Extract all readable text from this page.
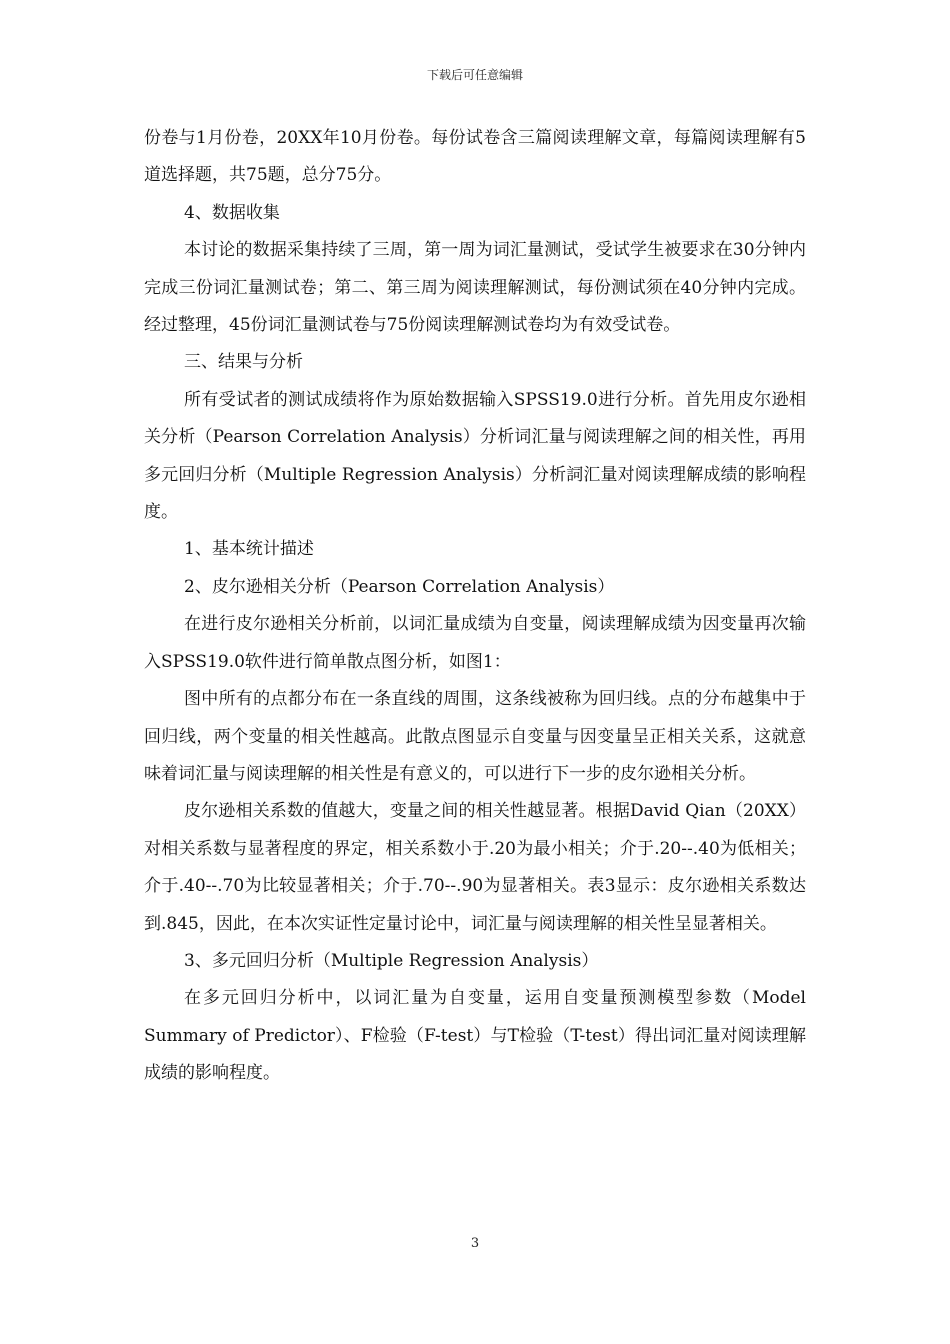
下载后可任意编辑

份卷与1月份卷，20XX年10月份卷。每份试卷含三篇阅读理解文章，每篇阅读理解有5道选择题，共75题，总分75分。

4、数据收集

本讨论的数据采集持续了三周，第一周为词汇量测试，受试学生被要求在30分钟内完成三份词汇量测试卷；第二、第三周为阅读理解测试，每份测试须在40分钟内完成。经过整理，45份词汇量测试卷与75份阅读理解测试卷均为有效受试卷。

三、结果与分析

所有受试者的测试成绩将作为原始数据输入SPSS19.0进行分析。首先用皮尔逊相关分析（Pearson Correlation Analysis）分析词汇量与阅读理解之间的相关性，再用多元回归分析（Multiple Regression Analysis）分析詞汇量对阅读理解成绩的影响程度。

1、基本统计描述

2、皮尔逊相关分析（Pearson Correlation Analysis）

在进行皮尔逊相关分析前，以词汇量成绩为自变量，阅读理解成绩为因变量再次输入SPSS19.0软件进行简单散点图分析，如图1：

图中所有的点都分布在一条直线的周围，这条线被称为回归线。点的分布越集中于回归线，两个变量的相关性越高。此散点图显示自变量与因变量呈正相关关系，这就意味着词汇量与阅读理解的相关性是有意义的，可以进行下一步的皮尔逊相关分析。

皮尔逊相关系数的值越大，变量之间的相关性越显著。根据David Qian（20XX）对相关系数与显著程度的界定，相关系数小于.20为最小相关；介于.20--.40为低相关；介于.40--.70为比较显著相关；介于.70--.90为显著相关。表3显示：皮尔逊相关系数达到.845，因此，在本次实证性定量讨论中，词汇量与阅读理解的相关性呈显著相关。

3、多元回归分析（Multiple Regression Analysis）

在多元回归分析中，以词汇量为自变量，运用自变量预测模型参数（Model Summary of Predictor）、F检验（F-test）与T检验（T-test）得出词汇量对阅读理解成绩的影响程度。

3
